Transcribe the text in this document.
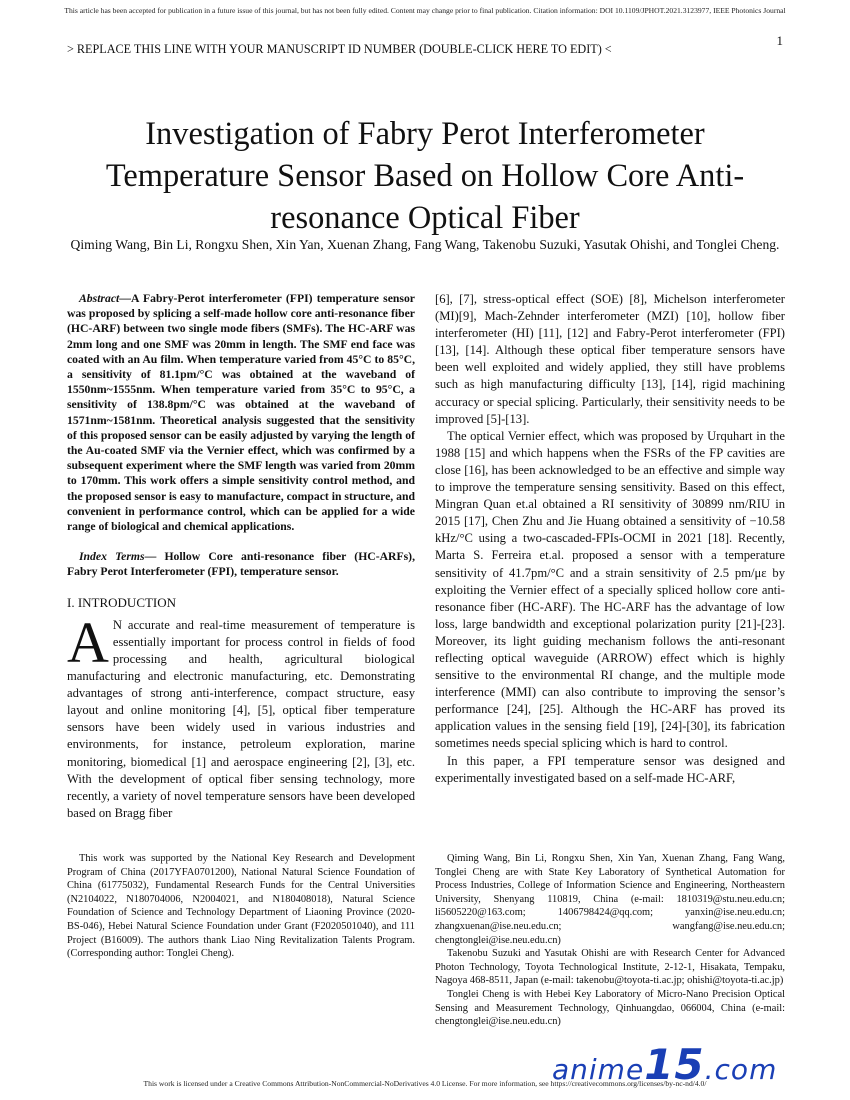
This article has been accepted for publication in a future issue of this journal, but has not been fully edited. Content may change prior to final publication. Citation information: DOI 10.1109/JPHOT.2021.3123977, IEEE Photonics Journal
1
> REPLACE THIS LINE WITH YOUR MANUSCRIPT ID NUMBER (DOUBLE-CLICK HERE TO EDIT) <
Investigation of Fabry Perot Interferometer Temperature Sensor Based on Hollow Core Anti-resonance Optical Fiber
Qiming Wang, Bin Li, Rongxu Shen, Xin Yan, Xuenan Zhang, Fang Wang, Takenobu Suzuki, Yasutak Ohishi, and Tonglei Cheng.

Abstract—A Fabry-Perot interferometer (FPI) temperature sensor was proposed by splicing a self-made hollow core anti-resonance fiber (HC-ARF) between two single mode fibers (SMFs). The HC-ARF was 2mm long and one SMF was 20mm in length. The SMF end face was coated with an Au film. When temperature varied from 45°C to 85°C, a sensitivity of 81.1pm/°C was obtained at the waveband of 1550nm~1555nm. When temperature varied from 35°C to 95°C, a sensitivity of 138.8pm/°C was obtained at the waveband of 1571nm~1581nm. Theoretical analysis suggested that the sensitivity of this proposed sensor can be easily adjusted by varying the length of the Au-coated SMF via the Vernier effect, which was confirmed by a subsequent experiment where the SMF length was varied from 20mm to 170mm. This work offers a simple sensitivity control method, and the proposed sensor is easy to manufacture, compact in structure, and convenient in performance control, which can be applied for a wide range of biological and chemical applications.

Index Terms— Hollow Core anti-resonance fiber (HC-ARFs), Fabry Perot Interferometer (FPI), temperature sensor.

I. INTRODUCTION

A N accurate and real-time measurement of temperature is essentially important for process control in fields of food processing and health, agricultural biological manufacturing and electronic manufacturing, etc. Demonstrating advantages of strong anti-interference, compact structure, easy layout and online monitoring [4], [5], optical fiber temperature sensors have been widely used in various industries and environments, for instance, petroleum exploration, marine monitoring, biomedical [1] and aerospace engineering [2], [3], etc. With the development of optical fiber sensing technology, more recently, a variety of novel temperature sensors have been developed based on Bragg fiber

[6], [7], stress-optical effect (SOE) [8], Michelson interferometer (MI)[9], Mach-Zehnder interferometer (MZI) [10], hollow fiber interferometer (HI) [11], [12] and Fabry-Perot interferometer (FPI) [13], [14]. Although these optical fiber temperature sensors have been well exploited and widely applied, they still have problems such as high manufacturing difficulty [13], [14], rigid machining accuracy or special splicing. Particularly, their sensitivity needs to be improved [5]-[13].

The optical Vernier effect, which was proposed by Urquhart in the 1988 [15] and which happens when the FSRs of the FP cavities are close [16], has been acknowledged to be an effective and simple way to improve the temperature sensing sensitivity. Based on this effect, Mingran Quan et.al obtained a RI sensitivity of 30899 nm/RIU in 2015 [17], Chen Zhu and Jie Huang obtained a sensitivity of −10.58 kHz/°C using a two-cascaded-FPIs-OCMI in 2021 [18]. Recently, Marta S. Ferreira et.al. proposed a sensor with a temperature sensitivity of 41.7pm/°C and a strain sensitivity of 2.5 pm/με by exploiting the Vernier effect of a specially spliced hollow core anti-resonance fiber (HC-ARF). The HC-ARF has the advantage of low loss, large bandwidth and exceptional polarization purity [21]-[23]. Moreover, its light guiding mechanism follows the anti-resonant reflecting optical waveguide (ARROW) effect which is highly sensitive to the environmental RI change, and the multiple mode interference (MMI) can also contribute to improving the sensor’s performance [24], [25]. Although the HC-ARF has proved its application values in the sensing field [19], [24]-[30], its fabrication sometimes needs special splicing which is hard to control.

In this paper, a FPI temperature sensor was designed and experimentally investigated based on a self-made HC-ARF,

This work was supported by the National Key Research and Development Program of China (2017YFA0701200), National Natural Science Foundation of China (61775032), Fundamental Research Funds for the Central Universities (N2104022, N180704006, N2004021, and N180408018), Natural Science Foundation of Science and Technology Department of Liaoning Province (2020-BS-046), Hebei Natural Science Foundation under Grant (F2020501040), and 111 Project (B16009). The authors thank Liao Ning Revitalization Talents Program. (Corresponding author: Tonglei Cheng).

Qiming Wang, Bin Li, Rongxu Shen, Xin Yan, Xuenan Zhang, Fang Wang, Tonglei Cheng are with State Key Laboratory of Synthetical Automation for Process Industries, College of Information Science and Engineering, Northeastern University, Shenyang 110819, China (e-mail: 1810319@stu.neu.edu.cn; li5605220@163.com; 1406798424@qq.com; yanxin@ise.neu.edu.cn; zhangxuenan@ise.neu.edu.cn; wangfang@ise.neu.edu.cn; chengtonglei@ise.neu.edu.cn)

Takenobu Suzuki and Yasutak Ohishi are with Research Center for Advanced Photon Technology, Toyota Technological Institute, 2-12-1, Hisakata, Tempaku, Nagoya 468-8511, Japan (e-mail: takenobu@toyota-ti.ac.jp; ohishi@toyota-ti.ac.jp)

Tonglei Cheng is with Hebei Key Laboratory of Micro-Nano Precision Optical Sensing and Measurement Technology, Qinhuangdao, 066004, China (e-mail: chengtonglei@ise.neu.edu.cn)

anime15.com
This work is licensed under a Creative Commons Attribution-NonCommercial-NoDerivatives 4.0 License. For more information, see https://creativecommons.org/licenses/by-nc-nd/4.0/
